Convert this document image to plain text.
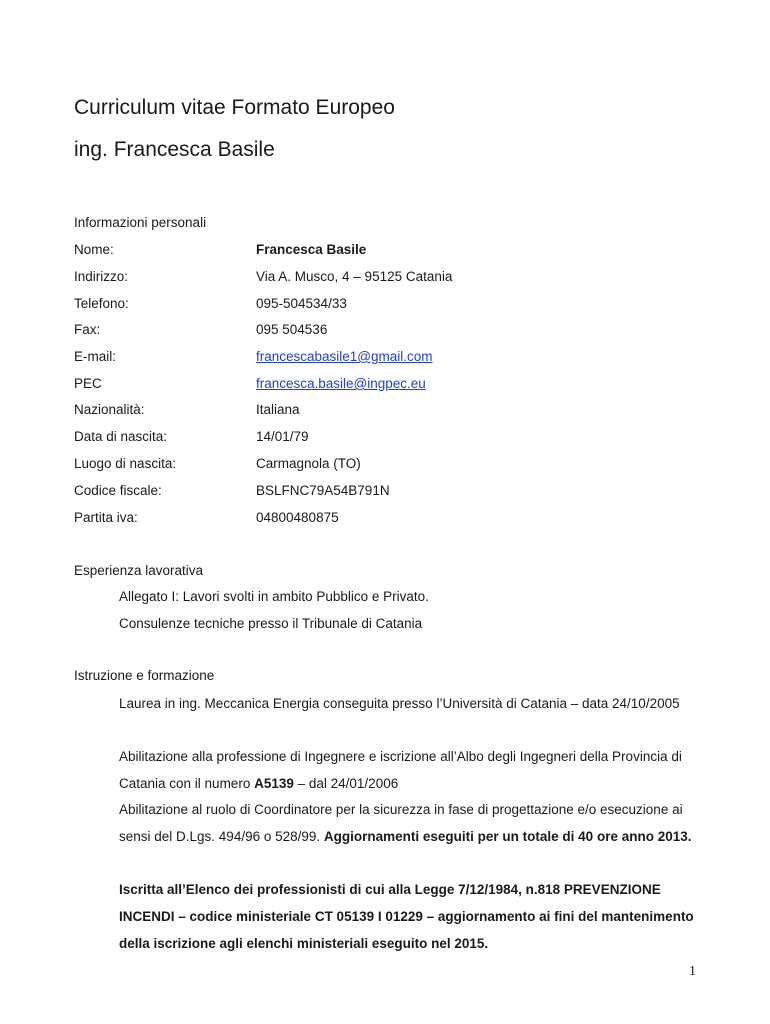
Curriculum vitae Formato Europeo
ing. Francesca Basile
Informazioni personali
Nome:	Francesca Basile
Indirizzo:	Via A. Musco, 4 – 95125 Catania
Telefono:	095-504534/33
Fax:	095 504536
E-mail:	francescabasile1@gmail.com
PEC	francesca.basile@ingpec.eu
Nazionalità:	Italiana
Data di nascita:	14/01/79
Luogo di nascita:	Carmagnola (TO)
Codice fiscale:	BSLFNC79A54B791N
Partita iva:	04800480875
Esperienza lavorativa

Allegato I: Lavori svolti in ambito Pubblico e Privato.

Consulenze tecniche presso il Tribunale di Catania

Istruzione e formazione

Laurea in ing. Meccanica Energia conseguita presso l’Università di Catania – data 24/10/2005

Abilitazione alla professione di Ingegnere e iscrizione all’Albo degli Ingegneri della Provincia di Catania con il numero A5139 – dal 24/01/2006

Abilitazione al ruolo di Coordinatore per la sicurezza in fase di progettazione e/o esecuzione ai sensi del D.Lgs. 494/96 o 528/99. Aggiornamenti eseguiti per un totale di 40 ore anno 2013.

Iscritta all’Elenco dei professionisti di cui alla Legge 7/12/1984, n.818 PREVENZIONE INCENDI – codice ministeriale CT 05139 I 01229 – aggiornamento ai fini del mantenimento della iscrizione agli elenchi ministeriali eseguito nel 2015.

1
